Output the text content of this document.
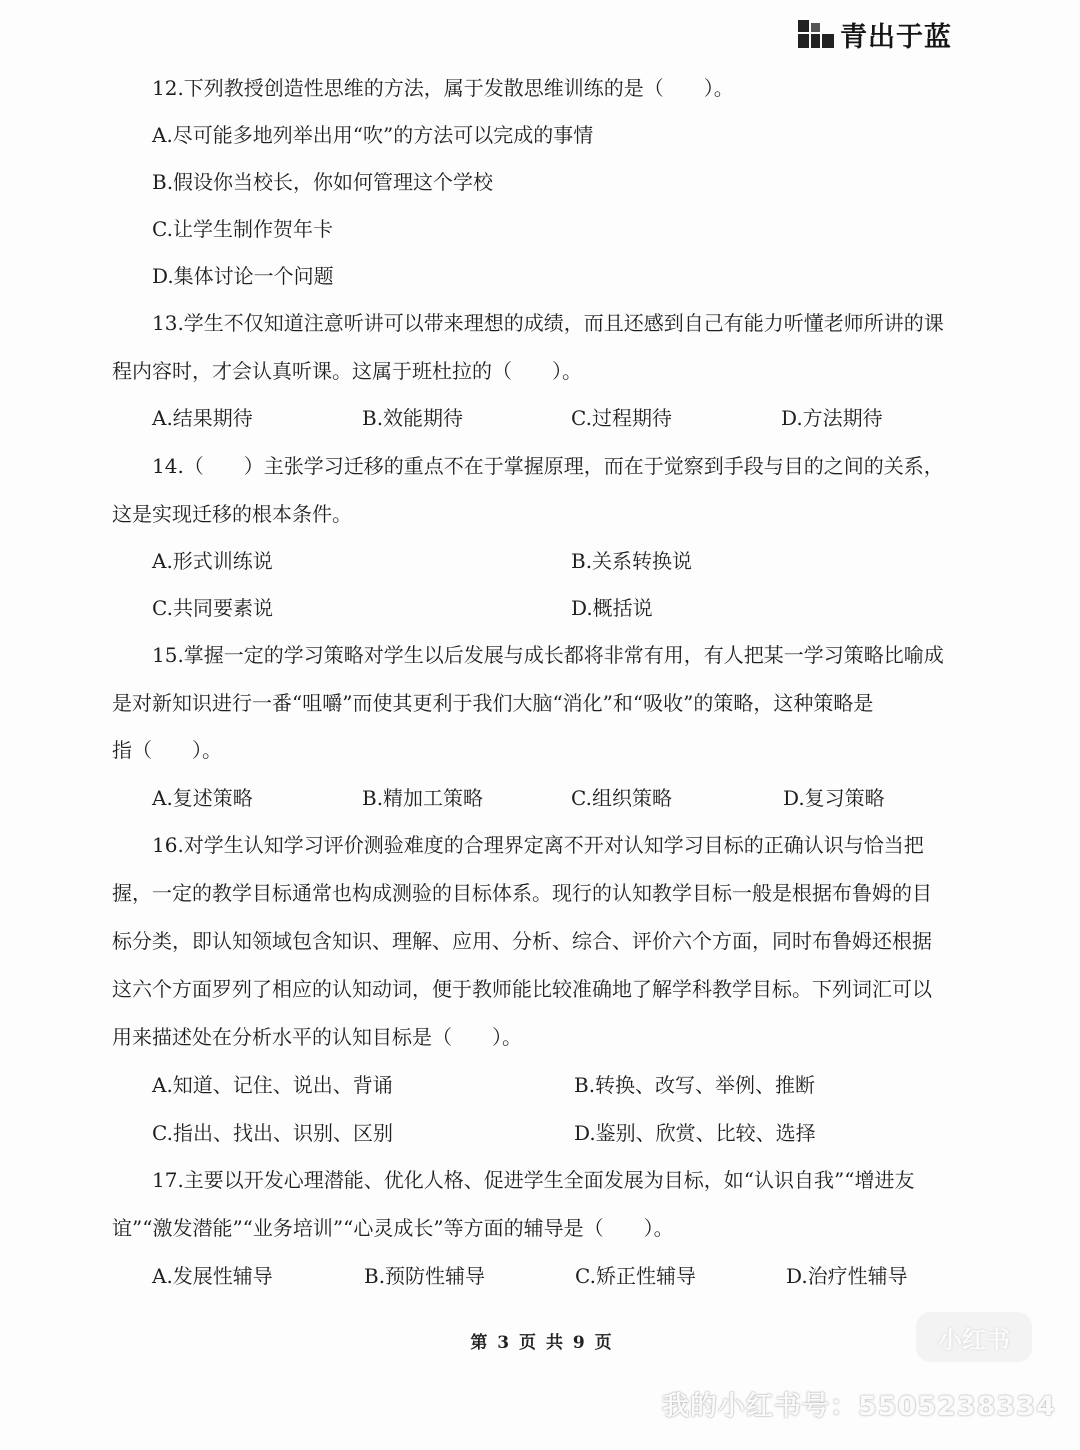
青出于蓝
12.下列教授创造性思维的方法，属于发散思维训练的是（　　）。
A.尽可能多地列举出用“吹”的方法可以完成的事情
B.假设你当校长，你如何管理这个学校
C.让学生制作贺年卡
D.集体讨论一个问题
13.学生不仅知道注意听讲可以带来理想的成绩，而且还感到自己有能力听懂老师所讲的课
程内容时，才会认真听课。这属于班杜拉的（　　）。
A.结果期待	B.效能期待	C.过程期待	D.方法期待
14.（　　）主张学习迁移的重点不在于掌握原理，而在于觉察到手段与目的之间的关系，
这是实现迁移的根本条件。
A.形式训练说	B.关系转换说
C.共同要素说	D.概括说
15.掌握一定的学习策略对学生以后发展与成长都将非常有用，有人把某一学习策略比喻成
是对新知识进行一番“咀嚼”而使其更利于我们大脑“消化”和“吸收”的策略，这种策略是
指（　　）。
A.复述策略	B.精加工策略	C.组织策略	D.复习策略
16.对学生认知学习评价测验难度的合理界定离不开对认知学习目标的正确认识与恰当把
握，一定的教学目标通常也构成测验的目标体系。现行的认知教学目标一般是根据布鲁姆的目
标分类，即认知领域包含知识、理解、应用、分析、综合、评价六个方面，同时布鲁姆还根据
这六个方面罗列了相应的认知动词，便于教师能比较准确地了解学科教学目标。下列词汇可以
用来描述处在分析水平的认知目标是（　　）。
A.知道、记住、说出、背诵	B.转换、改写、举例、推断
C.指出、找出、识别、区别	D.鉴别、欣赏、比较、选择
17.主要以开发心理潜能、优化人格、促进学生全面发展为目标，如“认识自我”“增进友
谊”“激发潜能”“业务培训”“心灵成长”等方面的辅导是（　　）。
A.发展性辅导	B.预防性辅导	C.矫正性辅导	D.治疗性辅导
第 3 页 共 9 页	小红书
我的小红书号：5505238334
